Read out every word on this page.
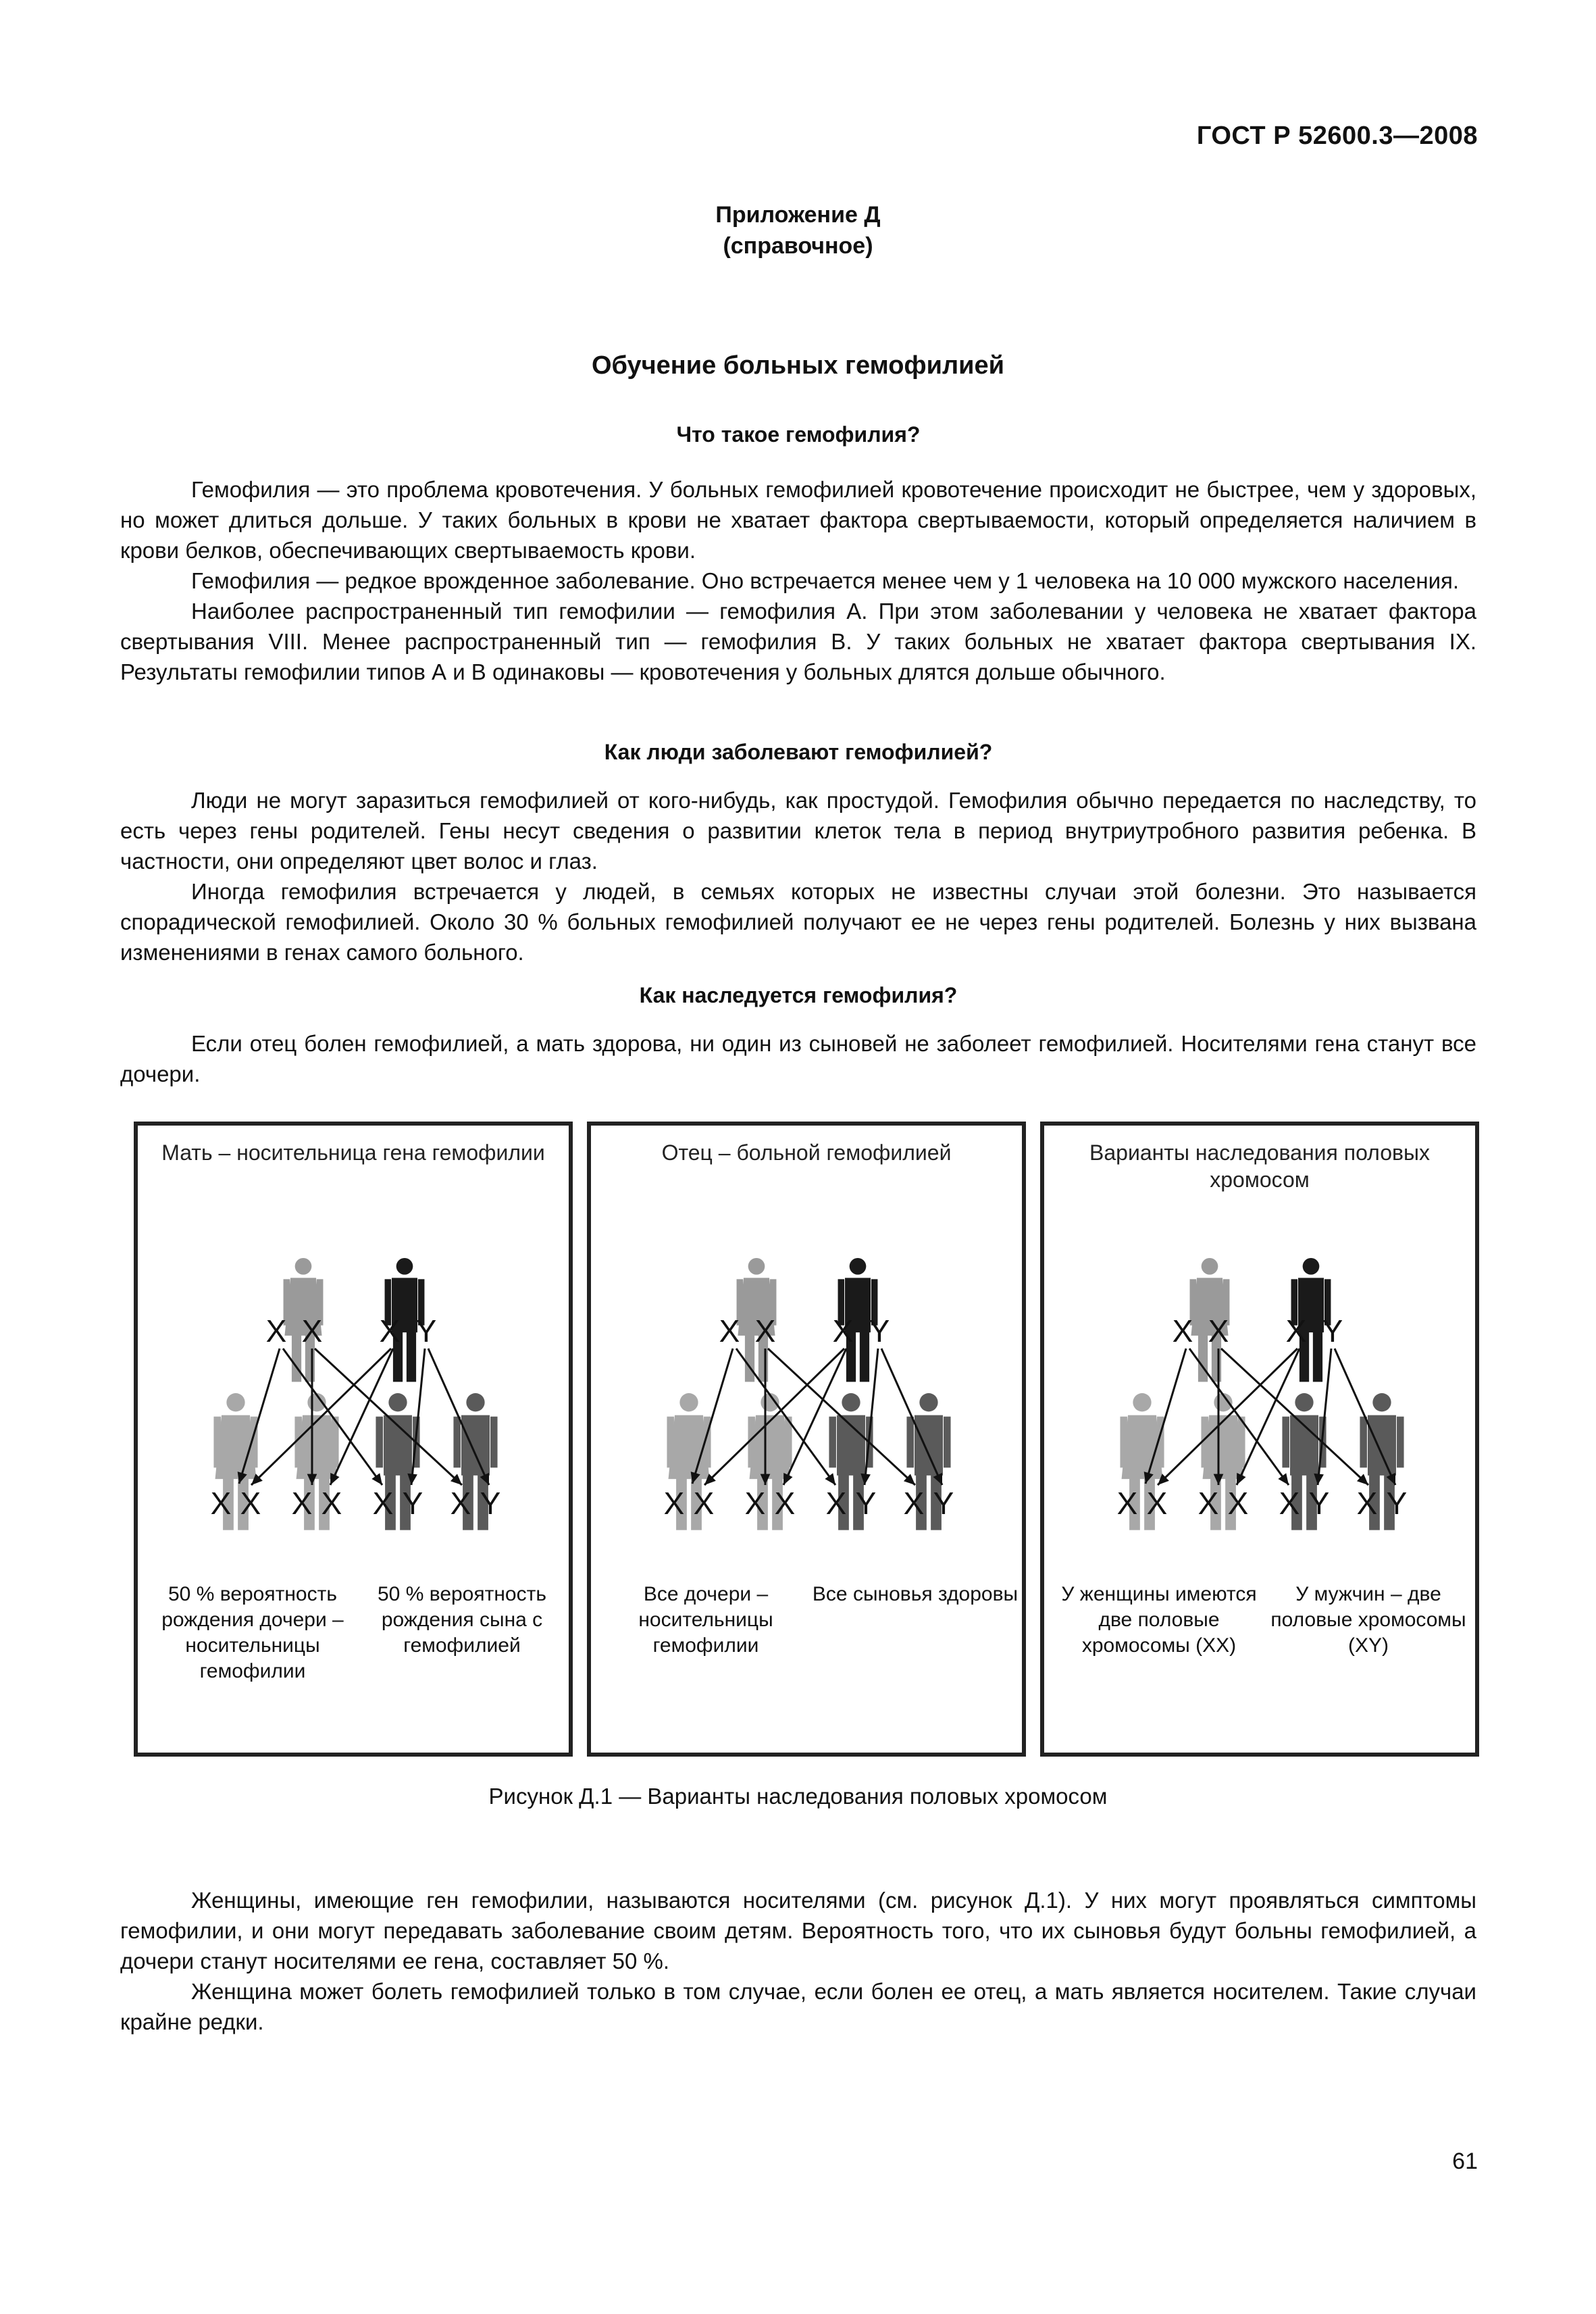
ГОСТ Р 52600.3—2008
Приложение Д
(справочное)
Обучение больных гемофилией
Что такое гемофилия?

Гемофилия — это проблема кровотечения. У больных гемофилией кровотечение происходит не быстрее, чем у здоровых, но может длиться дольше. У таких больных в крови не хватает фактора свертываемости, который определяется наличием в крови белков, обеспечивающих свертываемость крови.

Гемофилия — редкое врожденное заболевание. Оно встречается менее чем у 1 человека на 10 000 мужского населения.

Наиболее распространенный тип гемофилии — гемофилия А. При этом заболевании у человека не хватает фактора свертывания VIII. Менее распространенный тип — гемофилия В. У таких больных не хватает фактора свертывания IX. Результаты гемофилии типов А и В одинаковы — кровотечения у больных длятся дольше обычного.

Как люди заболевают гемофилией?

Люди не могут заразиться гемофилией от кого-нибудь, как простудой. Гемофилия обычно передается по наследству, то есть через гены родителей. Гены несут сведения о развитии клеток тела в период внутриутробного развития ребенка. В частности, они определяют цвет волос и глаз.

Иногда гемофилия встречается у людей, в семьях которых не известны случаи этой болезни. Это называется спорадической гемофилией. Около 30 % больных гемофилией получают ее не через гены родителей. Болезнь у них вызвана изменениями в генах самого больного.

Как наследуется гемофилия?

Если отец болен гемофилией, а мать здорова, ни один из сыновей не заболеет гемофилией. Носителями гена станут все дочери.

Мать – носительница гена гемофилии
X X X Y
X X X X X Y X Y
50 % вероятность рождения дочери – носительницы гемофилии
50 % вероятность рождения сына с гемофилией
Отец – больной гемофилией
X X X Y
X X X X X Y X Y
Все дочери – носительницы гемофилии
Все сыновья здоровы
Варианты наследования половых хромосом
X X X Y
X X X X X Y X Y
У женщины имеются две половые хромосомы (XX)
У мужчин – две половые хромосомы (XY)
Рисунок Д.1 — Варианты наследования половых хромосом

Женщины, имеющие ген гемофилии, называются носителями (см. рисунок Д.1). У них могут проявляться симптомы гемофилии, и они могут передавать заболевание своим детям. Вероятность того, что их сыновья будут больны гемофилией, а дочери станут носителями ее гена, составляет 50 %.

Женщина может болеть гемофилией только в том случае, если болен ее отец, а мать является носителем. Такие случаи крайне редки.

61
